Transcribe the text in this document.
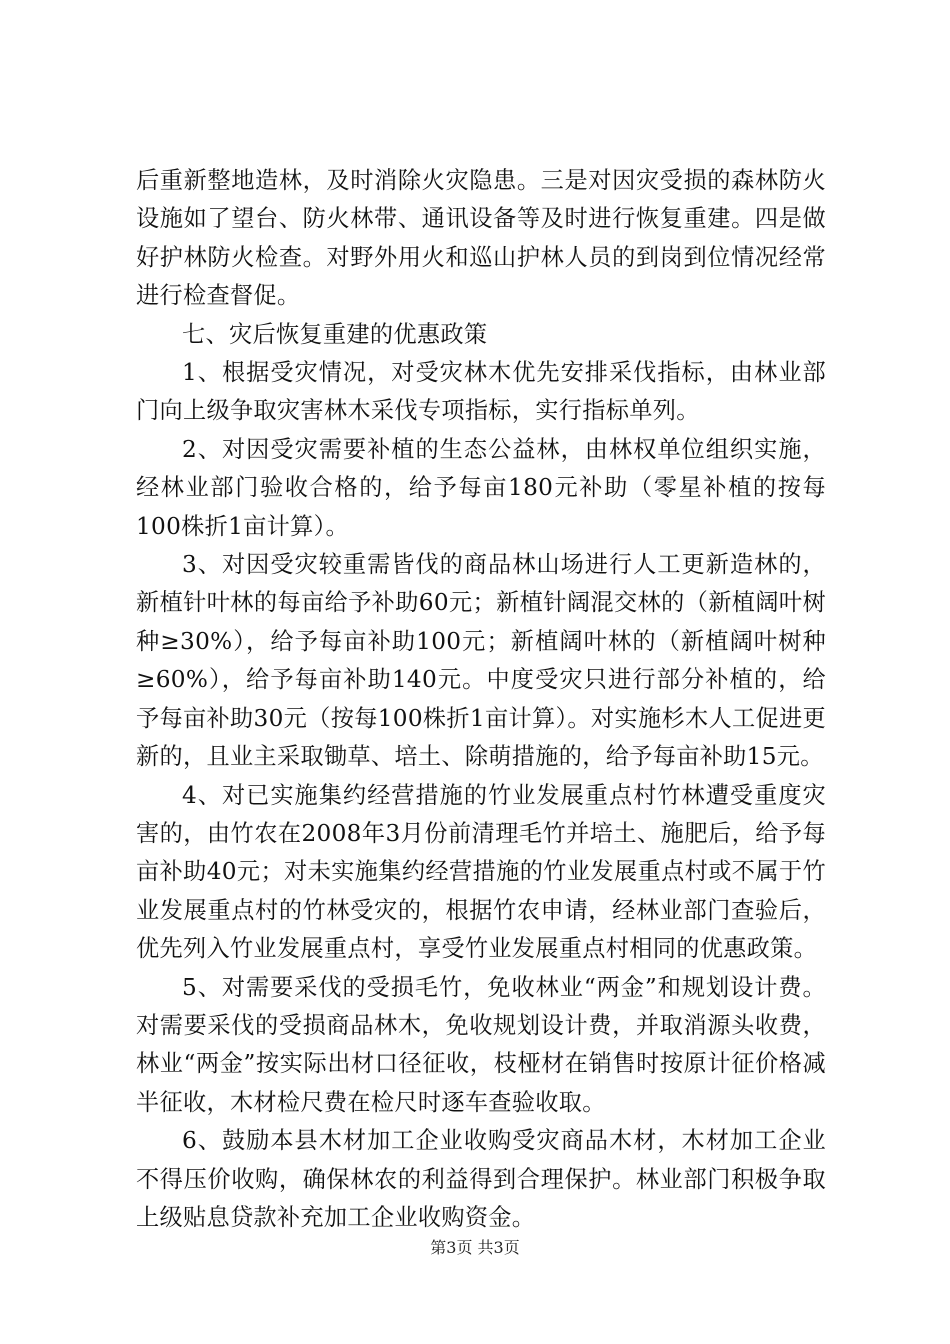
后重新整地造林，及时消除火灾隐患。三是对因灾受损的森林防火设施如了望台、防火林带、通讯设备等及时进行恢复重建。四是做好护林防火检查。对野外用火和巡山护林人员的到岗到位情况经常进行检查督促。

七、灾后恢复重建的优惠政策

1、根据受灾情况，对受灾林木优先安排采伐指标，由林业部门向上级争取灾害林木采伐专项指标，实行指标单列。

2、对因受灾需要补植的生态公益林，由林权单位组织实施，经林业部门验收合格的，给予每亩180元补助（零星补植的按每100株折1亩计算）。

3、对因受灾较重需皆伐的商品林山场进行人工更新造林的，新植针叶林的每亩给予补助60元；新植针阔混交林的（新植阔叶树种≥30%），给予每亩补助100元；新植阔叶林的（新植阔叶树种≥60%），给予每亩补助140元。中度受灾只进行部分补植的，给予每亩补助30元（按每100株折1亩计算）。对实施杉木人工促进更新的，且业主采取锄草、培土、除萌措施的，给予每亩补助15元。

4、对已实施集约经营措施的竹业发展重点村竹林遭受重度灾害的，由竹农在2008年3月份前清理毛竹并培土、施肥后，给予每亩补助40元；对未实施集约经营措施的竹业发展重点村或不属于竹业发展重点村的竹林受灾的，根据竹农申请，经林业部门查验后，优先列入竹业发展重点村，享受竹业发展重点村相同的优惠政策。

5、对需要采伐的受损毛竹，免收林业“两金”和规划设计费。对需要采伐的受损商品林木，免收规划设计费，并取消源头收费，林业“两金”按实际出材口径征收，枝桠材在销售时按原计征价格减半征收，木材检尺费在检尺时逐车查验收取。

6、鼓励本县木材加工企业收购受灾商品木材，木材加工企业不得压价收购，确保林农的利益得到合理保护。林业部门积极争取上级贴息贷款补充加工企业收购资金。

第3页 共3页
